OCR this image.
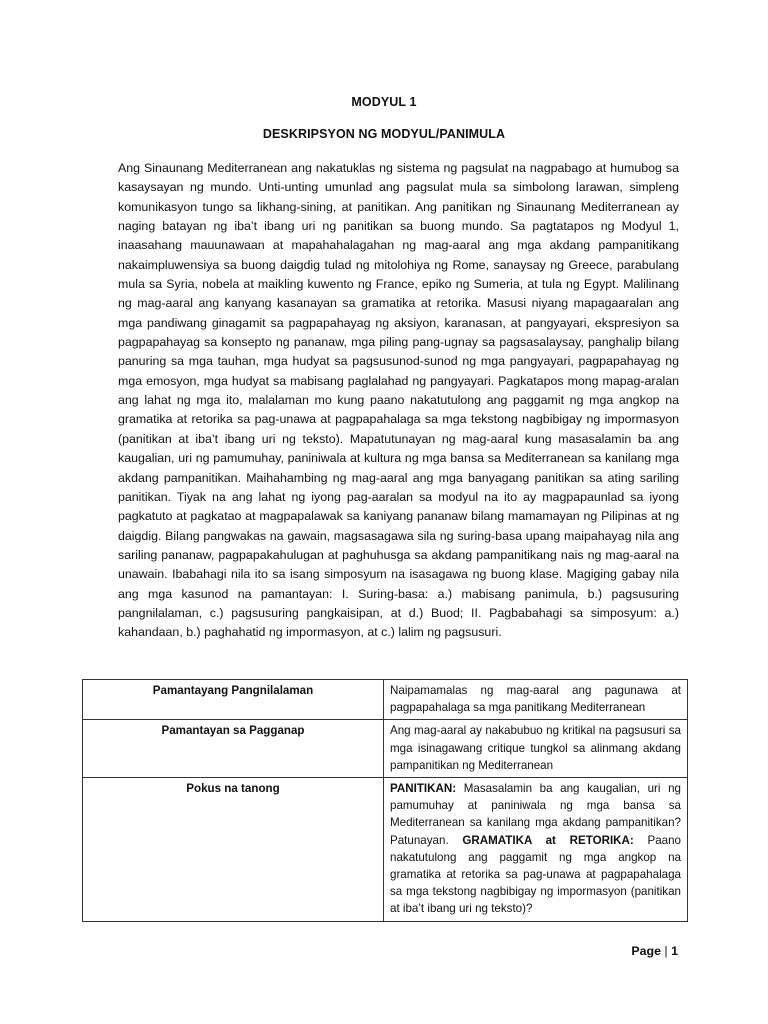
MODYUL 1
DESKRIPSYON NG MODYUL/PANIMULA

Ang Sinaunang Mediterranean ang nakatuklas ng sistema ng pagsulat na nagpabago at humubog sa kasaysayan ng mundo. Unti-unting umunlad ang pagsulat mula sa simbolong larawan, simpleng komunikasyon tungo sa likhang-sining, at panitikan. Ang panitikan ng Sinaunang Mediterranean ay naging batayan ng iba’t ibang uri ng panitikan sa buong mundo. Sa pagtatapos ng Modyul 1, inaasahang mauunawaan at mapahahalagahan ng mag-aaral ang mga akdang pampanitikang nakaimpluwensiya sa buong daigdig tulad ng mitolohiya ng Rome, sanaysay ng Greece, parabulang mula sa Syria, nobela at maikling kuwento ng France, epiko ng Sumeria, at tula ng Egypt. Malilinang ng mag-aaral ang kanyang kasanayan sa gramatika at retorika. Masusi niyang mapagaaralan ang mga pandiwang ginagamit sa pagpapahayag ng aksiyon, karanasan, at pangyayari, ekspresiyon sa pagpapahayag sa konsepto ng pananaw, mga piling pang-ugnay sa pagsasalaysay, panghalip bilang panuring sa mga tauhan, mga hudyat sa pagsusunod-sunod ng mga pangyayari, pagpapahayag ng mga emosyon, mga hudyat sa mabisang paglalahad ng pangyayari. Pagkatapos mong mapag-aralan ang lahat ng mga ito, malalaman mo kung paano nakatutulong ang paggamit ng mga angkop na gramatika at retorika sa pag-unawa at pagpapahalaga sa mga tekstong nagbibigay ng impormasyon (panitikan at iba’t ibang uri ng teksto). Mapatutunayan ng mag-aaral kung masasalamin ba ang kaugalian, uri ng pamumuhay, paniniwala at kultura ng mga bansa sa Mediterranean sa kanilang mga akdang pampanitikan. Maihahambing ng mag-aaral ang mga banyagang panitikan sa ating sariling panitikan. Tiyak na ang lahat ng iyong pag-aaralan sa modyul na ito ay magpapaunlad sa iyong pagkatuto at pagkatao at magpapalawak sa kaniyang pananaw bilang mamamayan ng Pilipinas at ng daigdig. Bilang pangwakas na gawain, magsasagawa sila ng suring-basa upang maipahayag nila ang sariling pananaw, pagpapakahulugan at paghuhusga sa akdang pampanitikang nais ng mag-aaral na unawain. Ibabahagi nila ito sa isang simposyum na isasagawa ng buong klase. Magiging gabay nila ang mga kasunod na pamantayan: I. Suring-basa: a.) mabisang panimula, b.) pagsusuring pangnilalaman, c.) pagsusuring pangkaisipan, at d.) Buod; II. Pagbabahagi sa simposyum: a.) kahandaan, b.) paghahatid ng impormasyon, at c.) lalim ng pagsusuri.

Pamantayang Pangnilalaman	Naipamamalas ng mag-aaral ang pagunawa at pagpapahalaga sa mga panitikang Mediterranean
Pamantayan sa Pagganap	Ang mag-aaral ay nakabubuo ng kritikal na pagsusuri sa mga isinagawang critique tungkol sa alinmang akdang pampanitikan ng Mediterranean
Pokus na tanong	PANITIKAN: Masasalamin ba ang kaugalian, uri ng pamumuhay at paniniwala ng mga bansa sa Mediterranean sa kanilang mga akdang pampanitikan? Patunayan. GRAMATIKA at RETORIKA: Paano nakatutulong ang paggamit ng mga angkop na gramatika at retorika sa pag-unawa at pagpapahalaga sa mga tekstong nagbibigay ng impormasyon (panitikan at iba’t ibang uri ng teksto)?
Page | 1
